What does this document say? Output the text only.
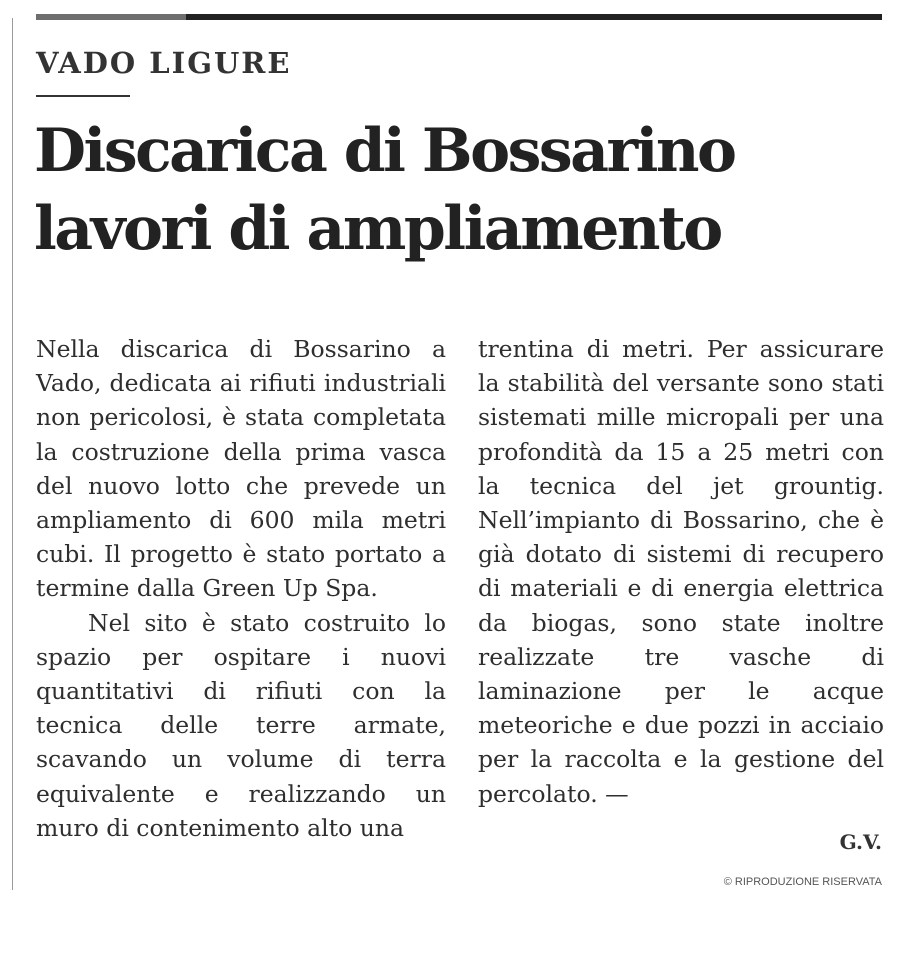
VADO LIGURE
Discarica di Bossarino
lavori di ampliamento

Nella discarica di Bossarino a Vado, dedicata ai rifiuti industriali non pericolosi, è stata completata la costruzione della prima vasca del nuovo lotto che prevede un ampliamento di 600 mila metri cubi. Il progetto è stato portato a termine dalla Green Up Spa.

Nel sito è stato costruito lo spazio per ospitare i nuovi quantitativi di rifiuti con la tecnica delle terre armate, scavando un volume di terra equivalente e realizzando un muro di contenimento alto una

trentina di metri. Per assicurare la stabilità del versante sono stati sistemati mille micropali per una profondità da 15 a 25 metri con la tecnica del jet grountig. Nell’impianto di Bossarino, che è già dotato di sistemi di recupero di materiali e di energia elettrica da biogas, sono state inoltre realizzate tre vasche di laminazione per le acque meteoriche e due pozzi in acciaio per la raccolta e la gestione del percolato. —

G.V.

© RIPRODUZIONE RISERVATA
